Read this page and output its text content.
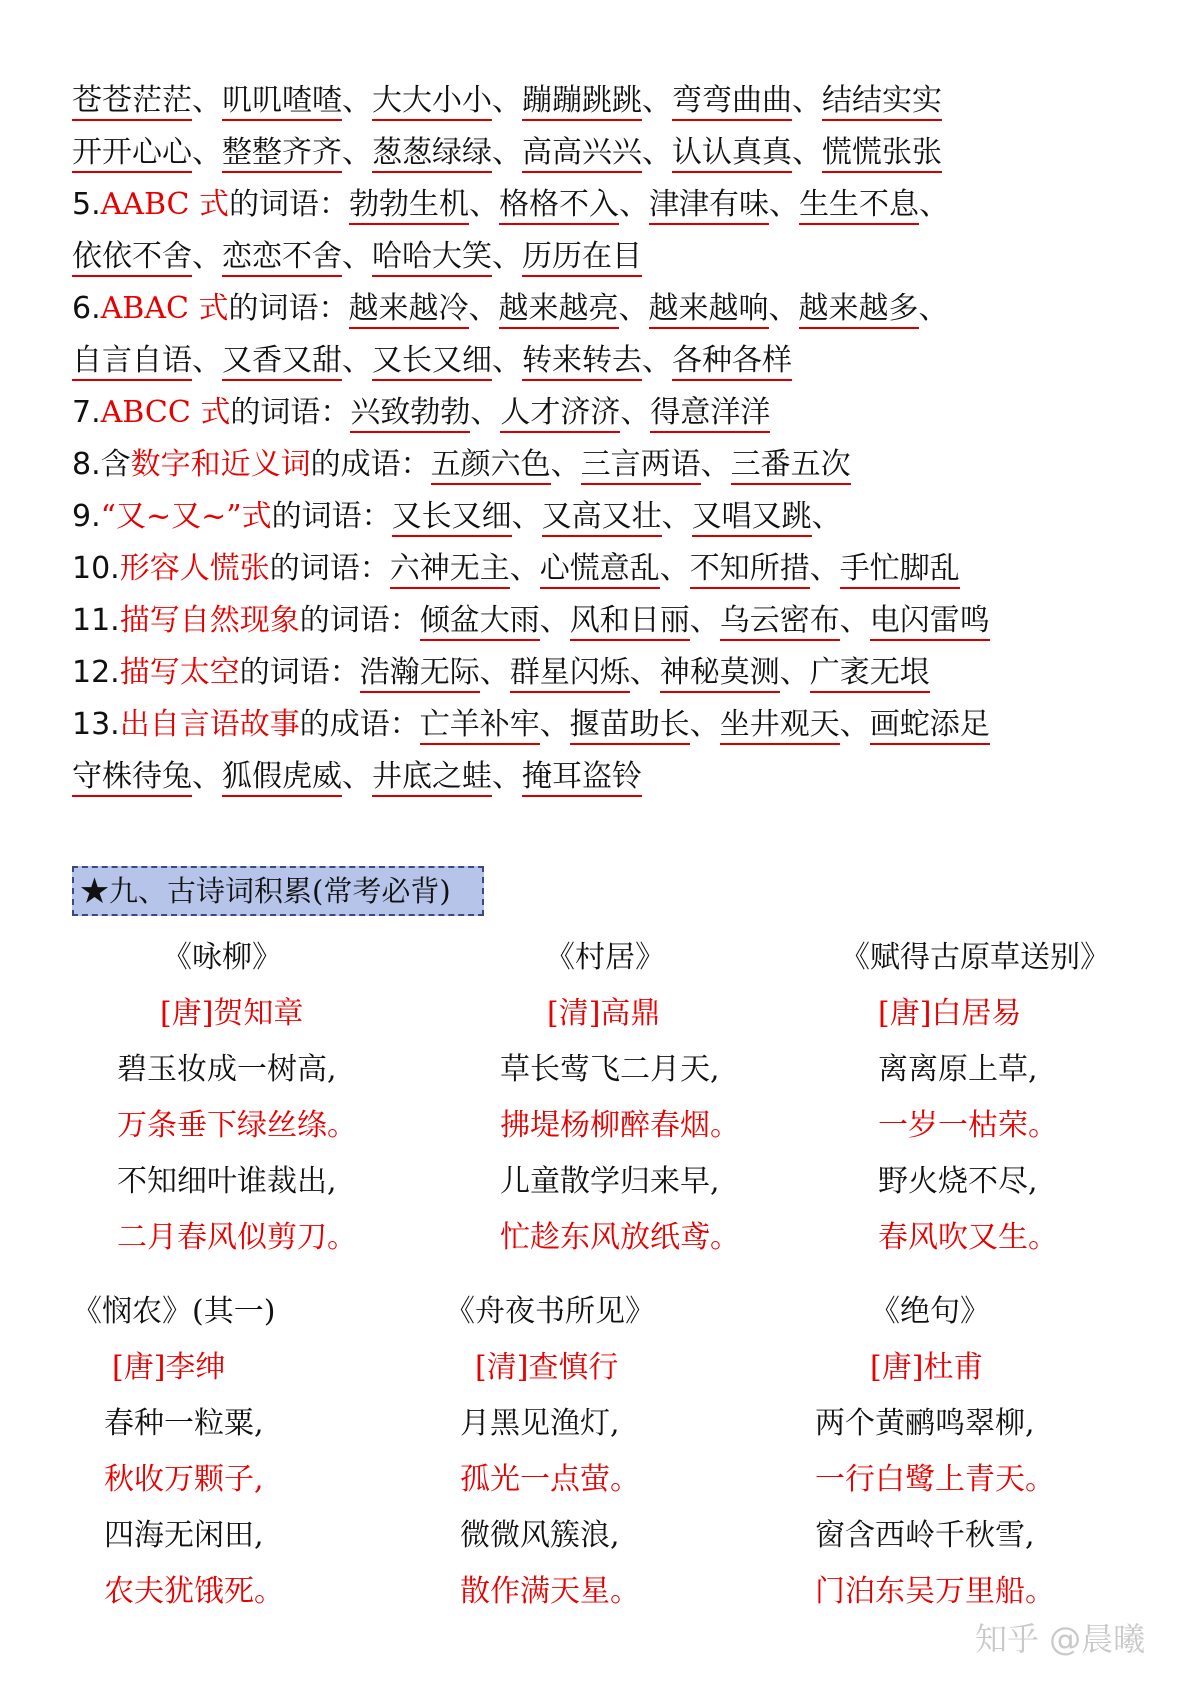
苍苍茫茫、叽叽喳喳、大大小小、蹦蹦跳跳、弯弯曲曲、结结实实
开开心心、整整齐齐、葱葱绿绿、高高兴兴、认认真真、慌慌张张
5.AABC 式的词语：勃勃生机、格格不入、津津有味、生生不息、
依依不舍、恋恋不舍、哈哈大笑、历历在目
6.ABAC 式的词语：越来越冷、越来越亮、越来越响、越来越多、
自言自语、又香又甜、又长又细、转来转去、各种各样
7.ABCC 式的词语：兴致勃勃、人才济济、得意洋洋
8.含数字和近义词的成语：五颜六色、三言两语、三番五次
9.“又~又~”式的词语：又长又细、又高又壮、又唱又跳、
10.形容人慌张的词语：六神无主、心慌意乱、不知所措、手忙脚乱
11.描写自然现象的词语：倾盆大雨、风和日丽、乌云密布、电闪雷鸣
12.描写太空的词语：浩瀚无际、群星闪烁、神秘莫测、广袤无垠
13.出自言语故事的成语：亡羊补牢、揠苗助长、坐井观天、画蛇添足
守株待兔、狐假虎威、井底之蛙、掩耳盗铃
★九、古诗词积累(常考必背)
《咏柳》
[唐]贺知章
碧玉妆成一树高,
万条垂下绿丝绦。
不知细叶谁裁出,
二月春风似剪刀。
《村居》
[清]高鼎
草长莺飞二月天,
拂堤杨柳醉春烟。
儿童散学归来早,
忙趁东风放纸鸢。
《赋得古原草送别》
[唐]白居易
离离原上草,
一岁一枯荣。
野火烧不尽,
春风吹又生。
《悯农》(其一)
[唐]李绅
春种一粒粟,
秋收万颗子,
四海无闲田,
农夫犹饿死。
《舟夜书所见》
[清]查慎行
月黑见渔灯,
孤光一点萤。
微微风簇浪,
散作满天星。
《绝句》
[唐]杜甫
两个黄鹂鸣翠柳,
一行白鹭上青天。
窗含西岭千秋雪,
门泊东吴万里船。
知乎 @晨曦
